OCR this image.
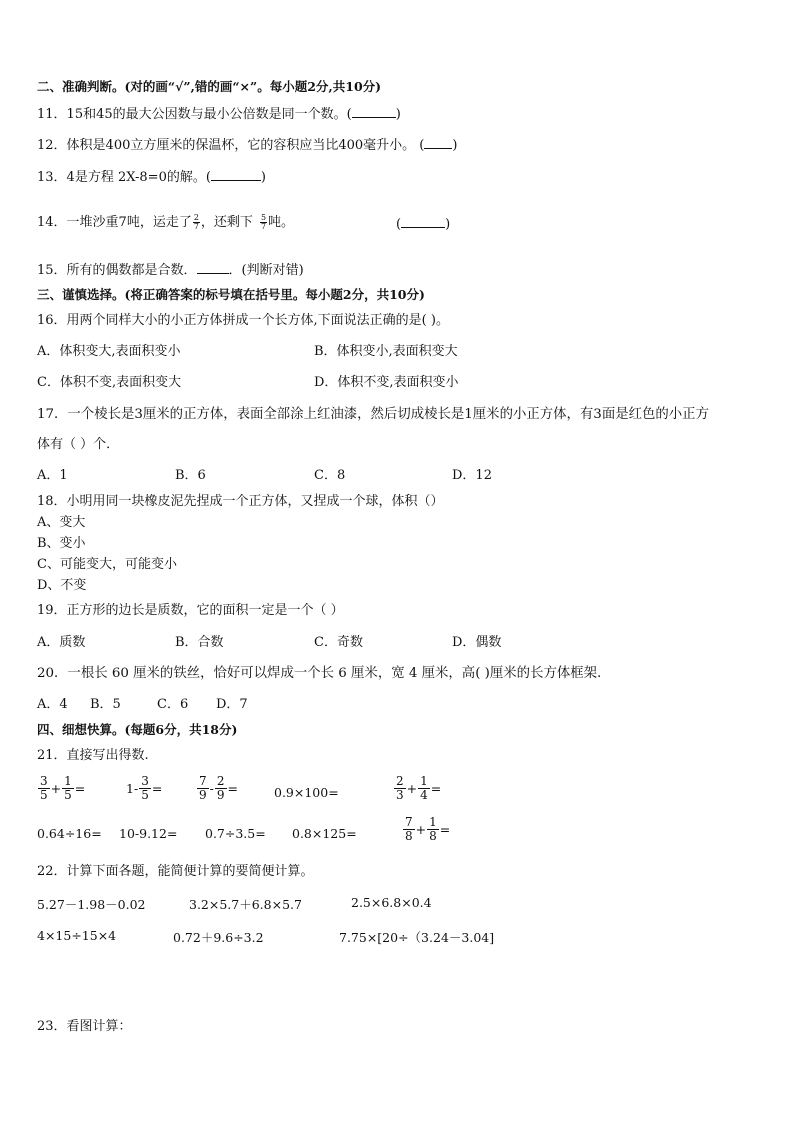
二、准确判断。(对的画“√”,错的画“×”。每小题2分,共10分)
11．15和45的最大公因数与最小公倍数是同一个数。(	)
12．体积是400立方厘米的保温杯，它的容积应当比400毫升小。 ( )
13．4是方程 2X-8=0的解。(	)
14．一堆沙重7吨，运走了 $\frac{2}{7}$ ，还剩下 $\frac{5}{7}$ 吨。	(	)
15．所有的偶数都是合数． ．(判断对错)
三、谨慎选择。(将正确答案的标号填在括号里。每小题2分，共10分)
16．用两个同样大小的小正方体拼成一个长方体,下面说法正确的是( )。
A．体积变大,表面积变小	B．体积变小,表面积变大
C．体积不变,表面积变大	D．体积不变,表面积变小
17．一个棱长是3厘米的正方体，表面全部涂上红油漆，然后切成棱长是1厘米的小正方体，有3面是红色的小正方
体有（ ）个．
A．1	B．6	C．8	D．12
18．小明用同一块橡皮泥先捏成一个正方体，又捏成一个球，体积（）
A、变大
B、变小
C、可能变大，可能变小
D、不变
19．正方形的边长是质数，它的面积一定是一个（ ）
A．质数	B．合数	C．奇数	D．偶数
20．一根长 60 厘米的铁丝，恰好可以焊成一个长 6 厘米，宽 4 厘米，高( )厘米的长方体框架.
A．4 B．5	C．6 D．7
四、细想快算。(每题6分，共18分)
21．直接写出得数.
$\frac{3}{5} + \frac{1}{5}$ =	$1- \frac{3}{5}$ =	$\frac{7}{9} - \frac{2}{9}$ =	0.9×100=	$\frac{2}{3} + \frac{1}{4}$ =
0.64÷16= 10-9.12= 0.7÷3.5= 0.8×125=	$\frac{7}{8} + \frac{1}{8}$ =
22．计算下面各题，能简便计算的要简便计算。
5.27－1.98－0.02	3.2×5.7＋6.8×5.7	2.5×6.8×0.4
4×15÷15×4	0.72＋9.6÷3.2	7.75×[20÷（3.24－3.04]
23．看图计算：
